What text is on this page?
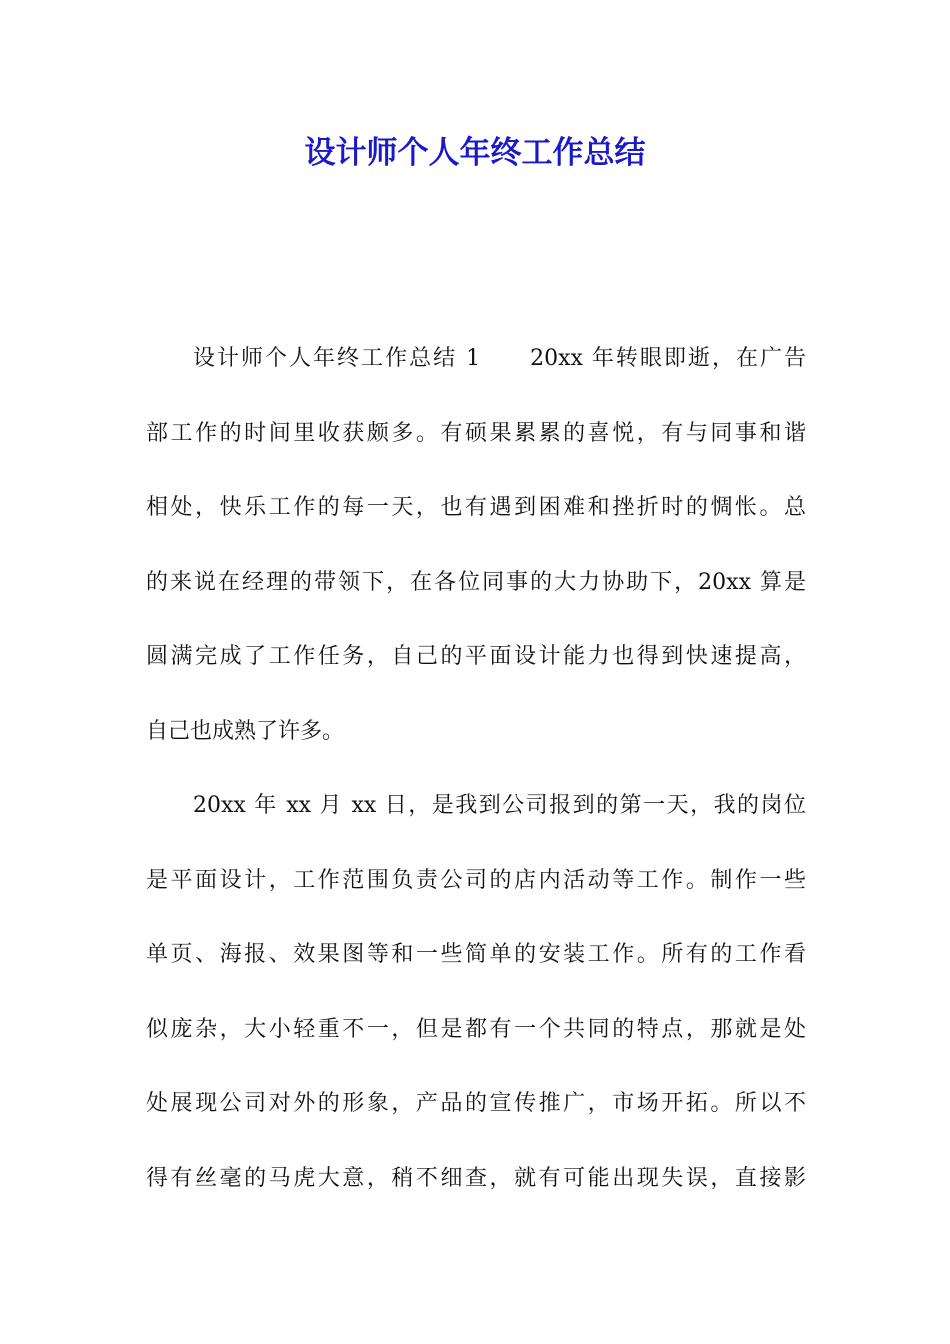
设计师个人年终工作总结
设计师个人年终工作总结 1　　20xx 年转眼即逝，在广告
部工作的时间里收获颇多。有硕果累累的喜悦，有与同事和谐
相处，快乐工作的每一天，也有遇到困难和挫折时的惆怅。总
的来说在经理的带领下，在各位同事的大力协助下，20xx 算是
圆满完成了工作任务，自己的平面设计能力也得到快速提高，
自己也成熟了许多。
20xx 年 xx 月 xx 日，是我到公司报到的第一天，我的岗位
是平面设计，工作范围负责公司的店内活动等工作。制作一些
单页、海报、效果图等和一些简单的安装工作。所有的工作看
似庞杂，大小轻重不一，但是都有一个共同的特点，那就是处
处展现公司对外的形象，产品的宣传推广，市场开拓。所以不
得有丝毫的马虎大意，稍不细查，就有可能出现失误，直接影
